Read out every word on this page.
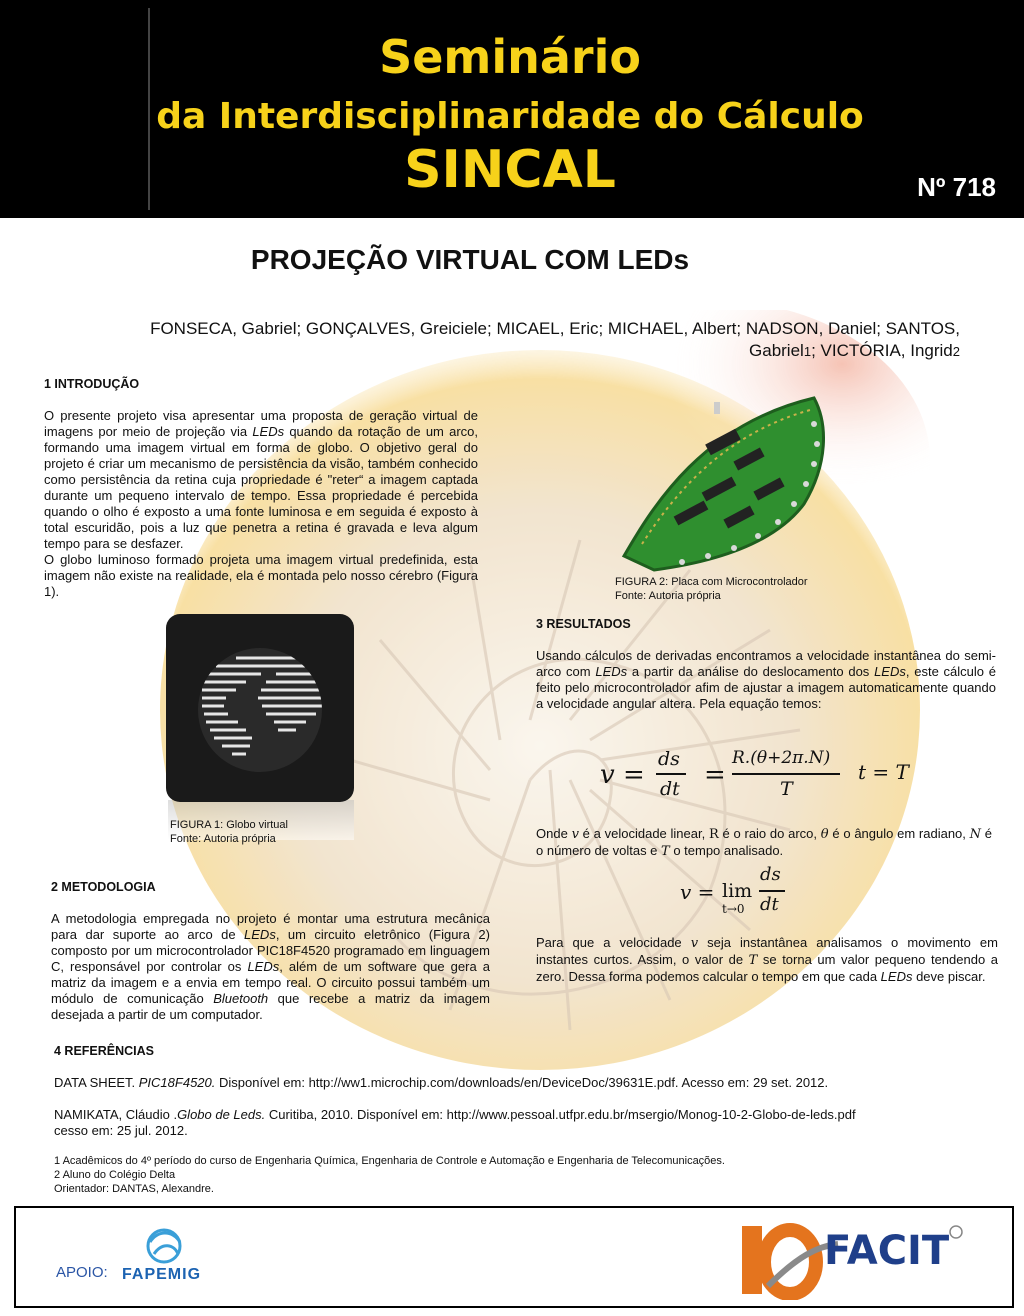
Seminário
da Interdisciplinaridade do Cálculo
SINCAL	Nº 718
PROJEÇÃO VIRTUAL COM LEDs
FONSECA, Gabriel; GONÇALVES, Greiciele; MICAEL, Eric; MICHAEL, Albert; NADSON, Daniel; SANTOS,
Gabriel1; VICTÓRIA, Ingrid2
1 INTRODUÇÃO

O presente projeto visa apresentar uma proposta de geração virtual de imagens por meio de projeção via LEDs quando da rotação de um arco, formando uma imagem virtual em forma de globo. O objetivo geral do projeto é criar um mecanismo de persistência da visão, também conhecido como persistência da retina cuja propriedade é "reter“ a imagem captada durante um pequeno intervalo de tempo. Essa propriedade é percebida quando o olho é exposto a uma fonte luminosa e em seguida é exposto à total escuridão, pois a luz que penetra a retina é gravada e leva algum tempo para se desfazer.

O globo luminoso formado projeta uma imagem virtual predefinida, esta imagem não existe na realidade, ela é montada pelo nosso cérebro (Figura 1).

FIGURA 1: Globo virtual
Fonte: Autoria própria
FIGURA 2: Placa com Microcontrolador
Fonte: Autoria própria
3 RESULTADOS
Usando cálculos de derivadas encontramos a velocidade instantânea do semi-arco com LEDs a partir da análise do deslocamento dos LEDs, este cálculo é feito pelo microcontrolador afim de ajustar a imagem automaticamente quando a velocidade angular altera. Pela equação temos:
v =
ds
dt =
R.(θ+2π.N)
T
t = T
Onde v é a velocidade linear, R é o raio do arco, θ é o ângulo em radiano, N é o número de voltas e T o tempo analisado.
v = lim
t→0
ds
dt
Para que a velocidade v seja instantânea analisamos o movimento em instantes curtos. Assim, o valor de T se torna um valor pequeno tendendo a zero. Dessa forma podemos calcular o tempo em que cada LEDs deve piscar.
2 METODOLOGIA
A metodologia empregada no projeto é montar uma estrutura mecânica para dar suporte ao arco de LEDs, um circuito eletrônico (Figura 2) composto por um microcontrolador PIC18F4520 programado em linguagem C, responsável por controlar os LEDs, além de um software que gera a matriz da imagem e a envia em tempo real. O circuito possui também um módulo de comunicação Bluetooth que recebe a matriz da imagem desejada a partir de um computador.
4 REFERÊNCIAS
DATA SHEET. PIC18F4520. Disponível em: http://ww1.microchip.com/downloads/en/DeviceDoc/39631E.pdf. Acesso em: 29 set. 2012.
NAMIKATA, Cláudio .Globo de Leds. Curitiba, 2010. Disponível em: http://www.pessoal.utfpr.edu.br/msergio/Monog-10-2-Globo-de-leds.pdf
cesso em: 25 jul. 2012.
1 Acadêmicos do 4º período do curso de Engenharia Química, Engenharia de Controle e Automação e Engenharia de Telecomunicações.
2 Aluno do Colégio Delta
Orientador: DANTAS, Alexandre.
APOIO: FAPEMIG
FACIT
